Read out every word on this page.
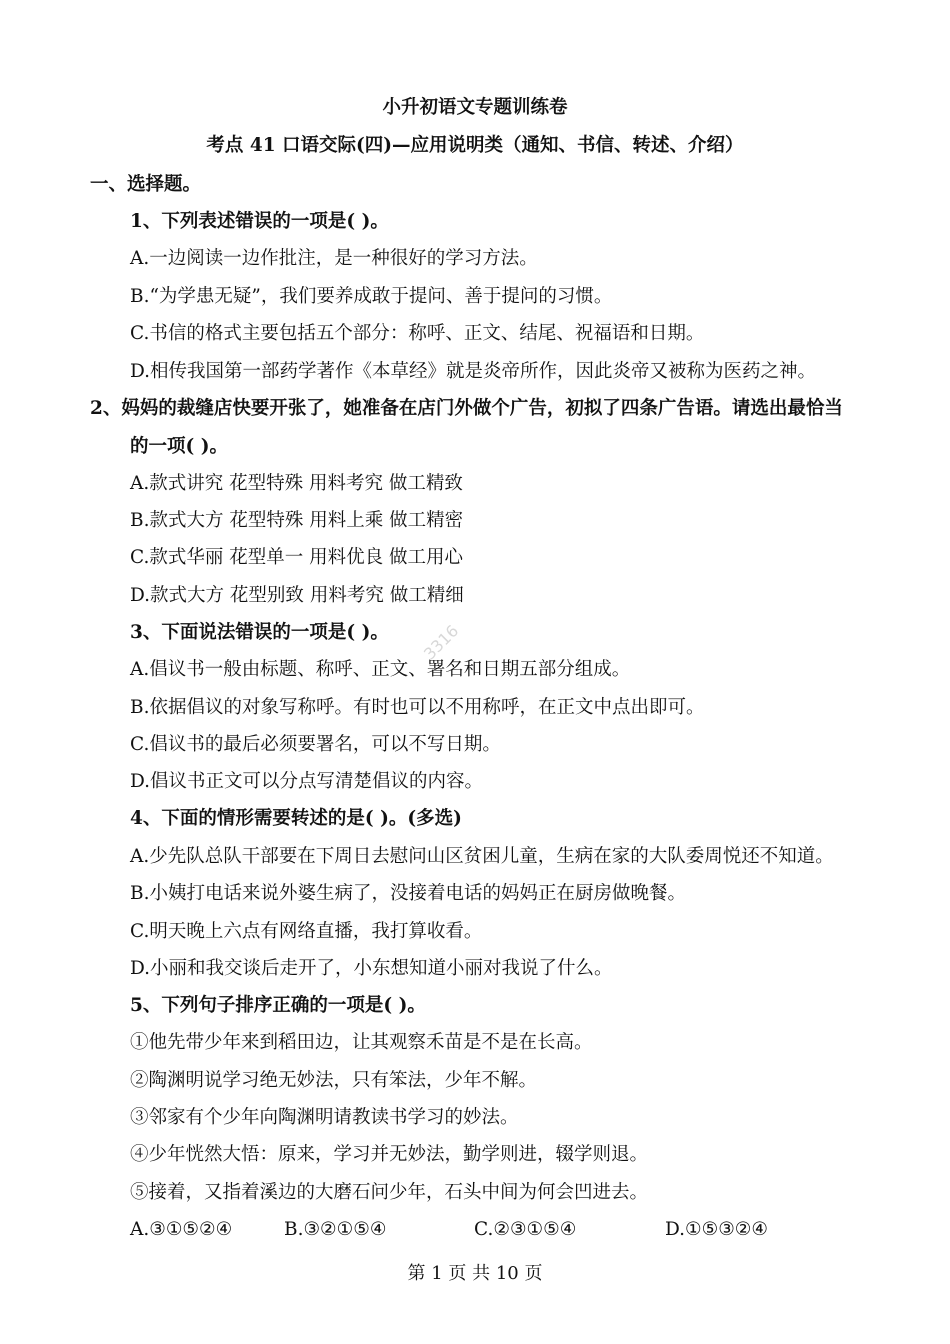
3316
小升初语文专题训练卷
考点 41 口语交际(四)—应用说明类（通知、书信、转述、介绍）
一、选择题。
1、下列表述错误的一项是( )。
A.一边阅读一边作批注，是一种很好的学习方法。
B.“为学患无疑”，我们要养成敢于提问、善于提问的习惯。
C.书信的格式主要包括五个部分：称呼、正文、结尾、祝福语和日期。
D.相传我国第一部药学著作《本草经》就是炎帝所作，因此炎帝又被称为医药之神。
2、妈妈的裁缝店快要开张了，她准备在店门外做个广告，初拟了四条广告语。请选出最恰当
的一项( )。
A.款式讲究 花型特殊 用料考究 做工精致
B.款式大方 花型特殊 用料上乘 做工精密
C.款式华丽 花型单一 用料优良 做工用心
D.款式大方 花型别致 用料考究 做工精细
3、下面说法错误的一项是( )。
A.倡议书一般由标题、称呼、正文、署名和日期五部分组成。
B.依据倡议的对象写称呼。有时也可以不用称呼，在正文中点出即可。
C.倡议书的最后必须要署名，可以不写日期。
D.倡议书正文可以分点写清楚倡议的内容。
4、下面的情形需要转述的是( )。(多选)
A.少先队总队干部要在下周日去慰问山区贫困儿童，生病在家的大队委周悦还不知道。
B.小姨打电话来说外婆生病了，没接着电话的妈妈正在厨房做晚餐。
C.明天晚上六点有网络直播，我打算收看。
D.小丽和我交谈后走开了，小东想知道小丽对我说了什么。
5、下列句子排序正确的一项是( )。
①他先带少年来到稻田边，让其观察禾苗是不是在长高。
②陶渊明说学习绝无妙法，只有笨法，少年不解。
③邻家有个少年向陶渊明请教读书学习的妙法。
④少年恍然大悟：原来，学习并无妙法，勤学则进，辍学则退。
⑤接着，又指着溪边的大磨石问少年，石头中间为何会凹进去。
A.③①⑤②④	B.③②①⑤④	C.②③①⑤④	D.①⑤③②④
第 1 页 共 10 页
